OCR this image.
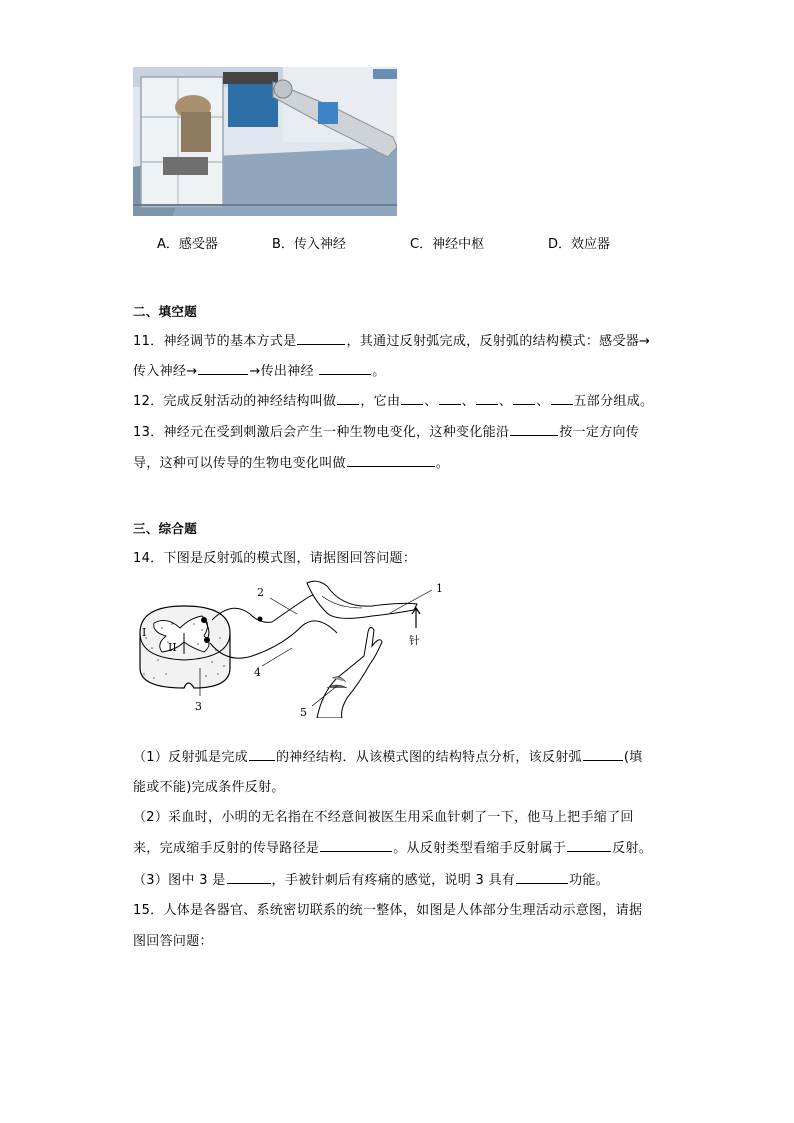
A．感受器	B．传入神经	C．神经中枢	D．效应器
二、填空题
11．神经调节的基本方式是	，其通过反射弧完成，反射弧的结构模式：感受器→
传入神经→	→传出神经	。
12．完成反射活动的神经结构叫做 ，它由 、 、 、 、 五部分组成。
13．神经元在受到刺激后会产生一种生物电变化，这种变化能沿	按一定方向传
导，这种可以传导的生物电变化叫做	。
三、综合题
14．下图是反射弧的模式图，请据图回答问题：
I
II
针
1
2
3
4
5
（1）反射弧是完成 的神经结构．从该模式图的结构特点分析，该反射弧	(填
能或不能)完成条件反射。
（2）采血时，小明的无名指在不经意间被医生用采血针刺了一下，他马上把手缩了回
来，完成缩手反射的传导路径是	。从反射类型看缩手反射属于	反射。
（3）图中 3 是	，手被针刺后有疼痛的感觉，说明 3 具有	功能。
15．人体是各器官、系统密切联系的统一整体，如图是人体部分生理活动示意图，请据
图回答问题：
